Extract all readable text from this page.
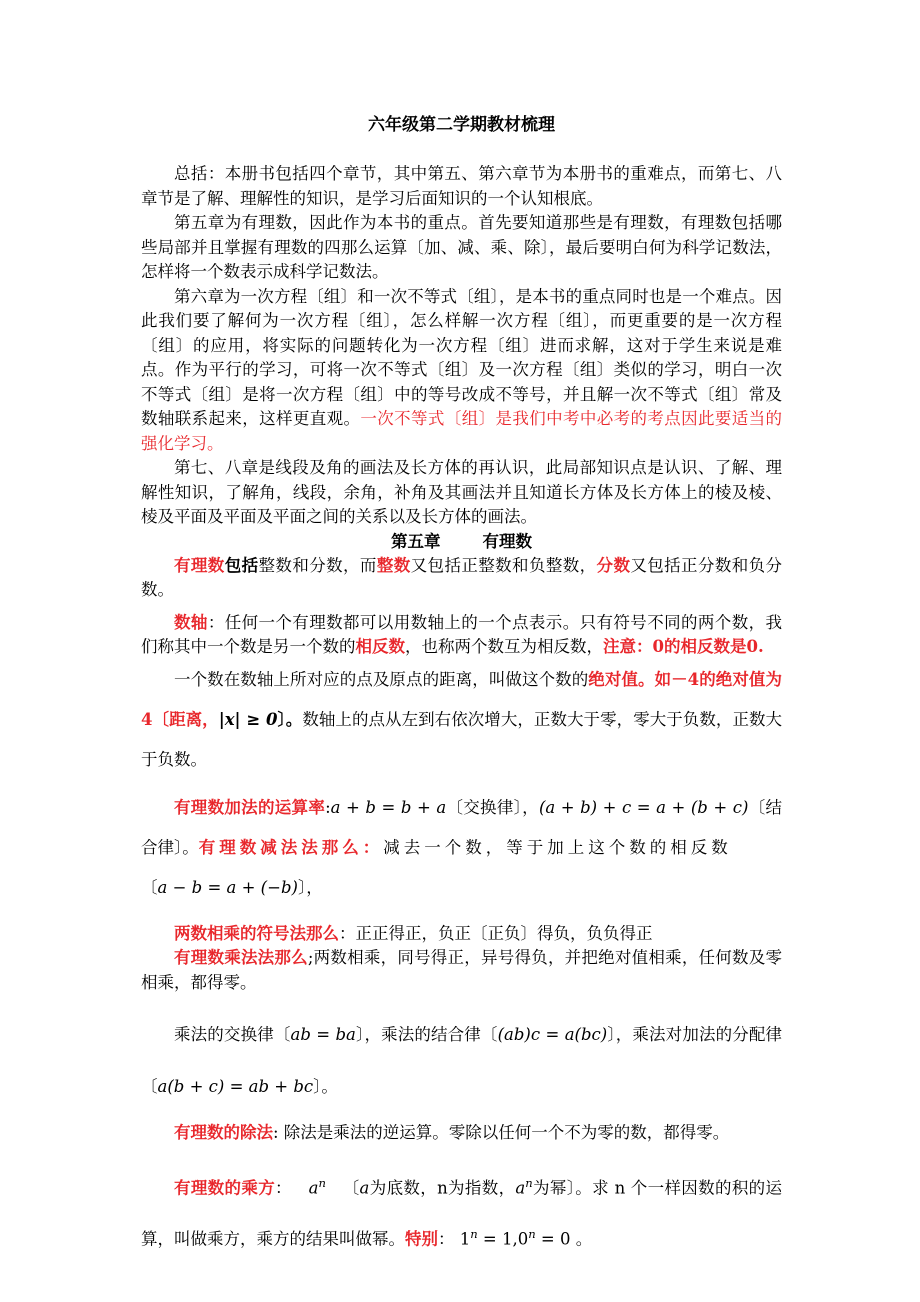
六年级第二学期教材梳理

总括：本册书包括四个章节，其中第五、第六章节为本册书的重难点，而第七、八章节是了解、理解性的知识，是学习后面知识的一个认知根底。

第五章为有理数，因此作为本书的重点。首先要知道那些是有理数，有理数包括哪些局部并且掌握有理数的四那么运算〔加、减、乘、除〕，最后要明白何为科学记数法，怎样将一个数表示成科学记数法。

第六章为一次方程〔组〕和一次不等式〔组〕，是本书的重点同时也是一个难点。因此我们要了解何为一次方程〔组〕，怎么样解一次方程〔组〕，而更重要的是一次方程〔组〕的应用，将实际的问题转化为一次方程〔组〕进而求解，这对于学生来说是难点。作为平行的学习，可将一次不等式〔组〕及一次方程〔组〕类似的学习，明白一次不等式〔组〕是将一次方程〔组〕中的等号改成不等号，并且解一次不等式〔组〕常及数轴联系起来，这样更直观。一次不等式〔组〕是我们中考中必考的考点因此要适当的强化学习。

第七、八章是线段及角的画法及长方体的再认识，此局部知识点是认识、了解、理解性知识，了解角，线段，余角，补角及其画法并且知道长方体及长方体上的棱及棱、棱及平面及平面及平面之间的关系以及长方体的画法。

第五章	有理数

有理数包括整数和分数，而整数又包括正整数和负整数，分数又包括正分数和负分数。

数轴：任何一个有理数都可以用数轴上的一个点表示。只有符号不同的两个数，我们称其中一个数是另一个数的相反数，也称两个数互为相反数，注意：0的相反数是0.

一个数在数轴上所对应的点及原点的距离，叫做这个数的绝对值。如－4的绝对值为4〔距离，|x| ≥ 0〕。数轴上的点从左到右依次增大，正数大于零，零大于负数，正数大于负数。

有理数加法的运算率:a + b = b + a〔交换律〕，(a + b) + c = a + (b + c)〔结合律〕。有理数减法法那么：减去一个数，等于加上这个数的相反数
〔a − b = a + (−b)〕，

两数相乘的符号法那么：正正得正，负正〔正负〕得负，负负得正

有理数乘法法那么;两数相乘，同号得正，异号得负，并把绝对值相乘，任何数及零相乘，都得零。

乘法的交换律〔ab = ba〕，乘法的结合律〔(ab)c = a(bc)〕，乘法对加法的分配律〔a(b + c) = ab + bc〕。

有理数的除法: 除法是乘法的逆运算。零除以任何一个不为零的数，都得零。

有理数的乘方： $a^n$ 〔a为底数，n为指数，$a^n$为幂〕。求 n 个一样因数的积的运算，叫做乘方，乘方的结果叫做幂。特别： $1^n = 1,0^n = 0$ 。
